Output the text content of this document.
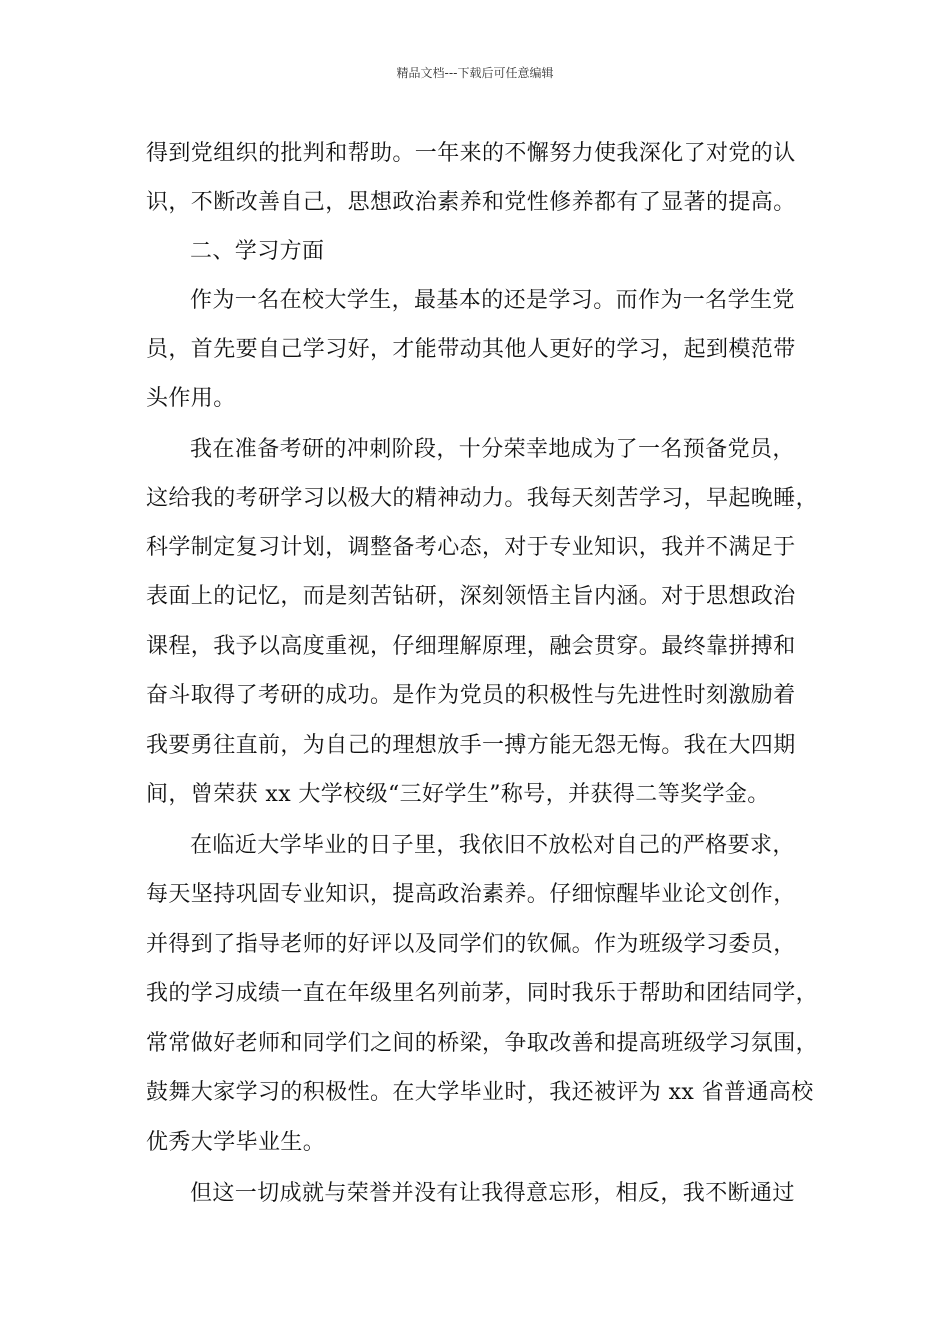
精品文档---下载后可任意编辑
得到党组织的批判和帮助。一年来的不懈努力使我深化了对党的认
识，不断改善自己，思想政治素养和党性修养都有了显著的提高。
二、学习方面
作为一名在校大学生，最基本的还是学习。而作为一名学生党
员，首先要自己学习好，才能带动其他人更好的学习，起到模范带
头作用。
我在准备考研的冲刺阶段，十分荣幸地成为了一名预备党员，
这给我的考研学习以极大的精神动力。我每天刻苦学习，早起晚睡，
科学制定复习计划，调整备考心态，对于专业知识，我并不满足于
表面上的记忆，而是刻苦钻研，深刻领悟主旨内涵。对于思想政治
课程，我予以高度重视，仔细理解原理，融会贯穿。最终靠拼搏和
奋斗取得了考研的成功。是作为党员的积极性与先进性时刻激励着
我要勇往直前，为自己的理想放手一搏方能无怨无悔。我在大四期
间，曾荣获 xx 大学校级“三好学生”称号，并获得二等奖学金。
在临近大学毕业的日子里，我依旧不放松对自己的严格要求，
每天坚持巩固专业知识，提高政治素养。仔细惊醒毕业论文创作，
并得到了指导老师的好评以及同学们的钦佩。作为班级学习委员，
我的学习成绩一直在年级里名列前茅，同时我乐于帮助和团结同学，
常常做好老师和同学们之间的桥梁，争取改善和提高班级学习氛围，
鼓舞大家学习的积极性。在大学毕业时，我还被评为 xx 省普通高校
优秀大学毕业生。
但这一切成就与荣誉并没有让我得意忘形，相反，我不断通过
